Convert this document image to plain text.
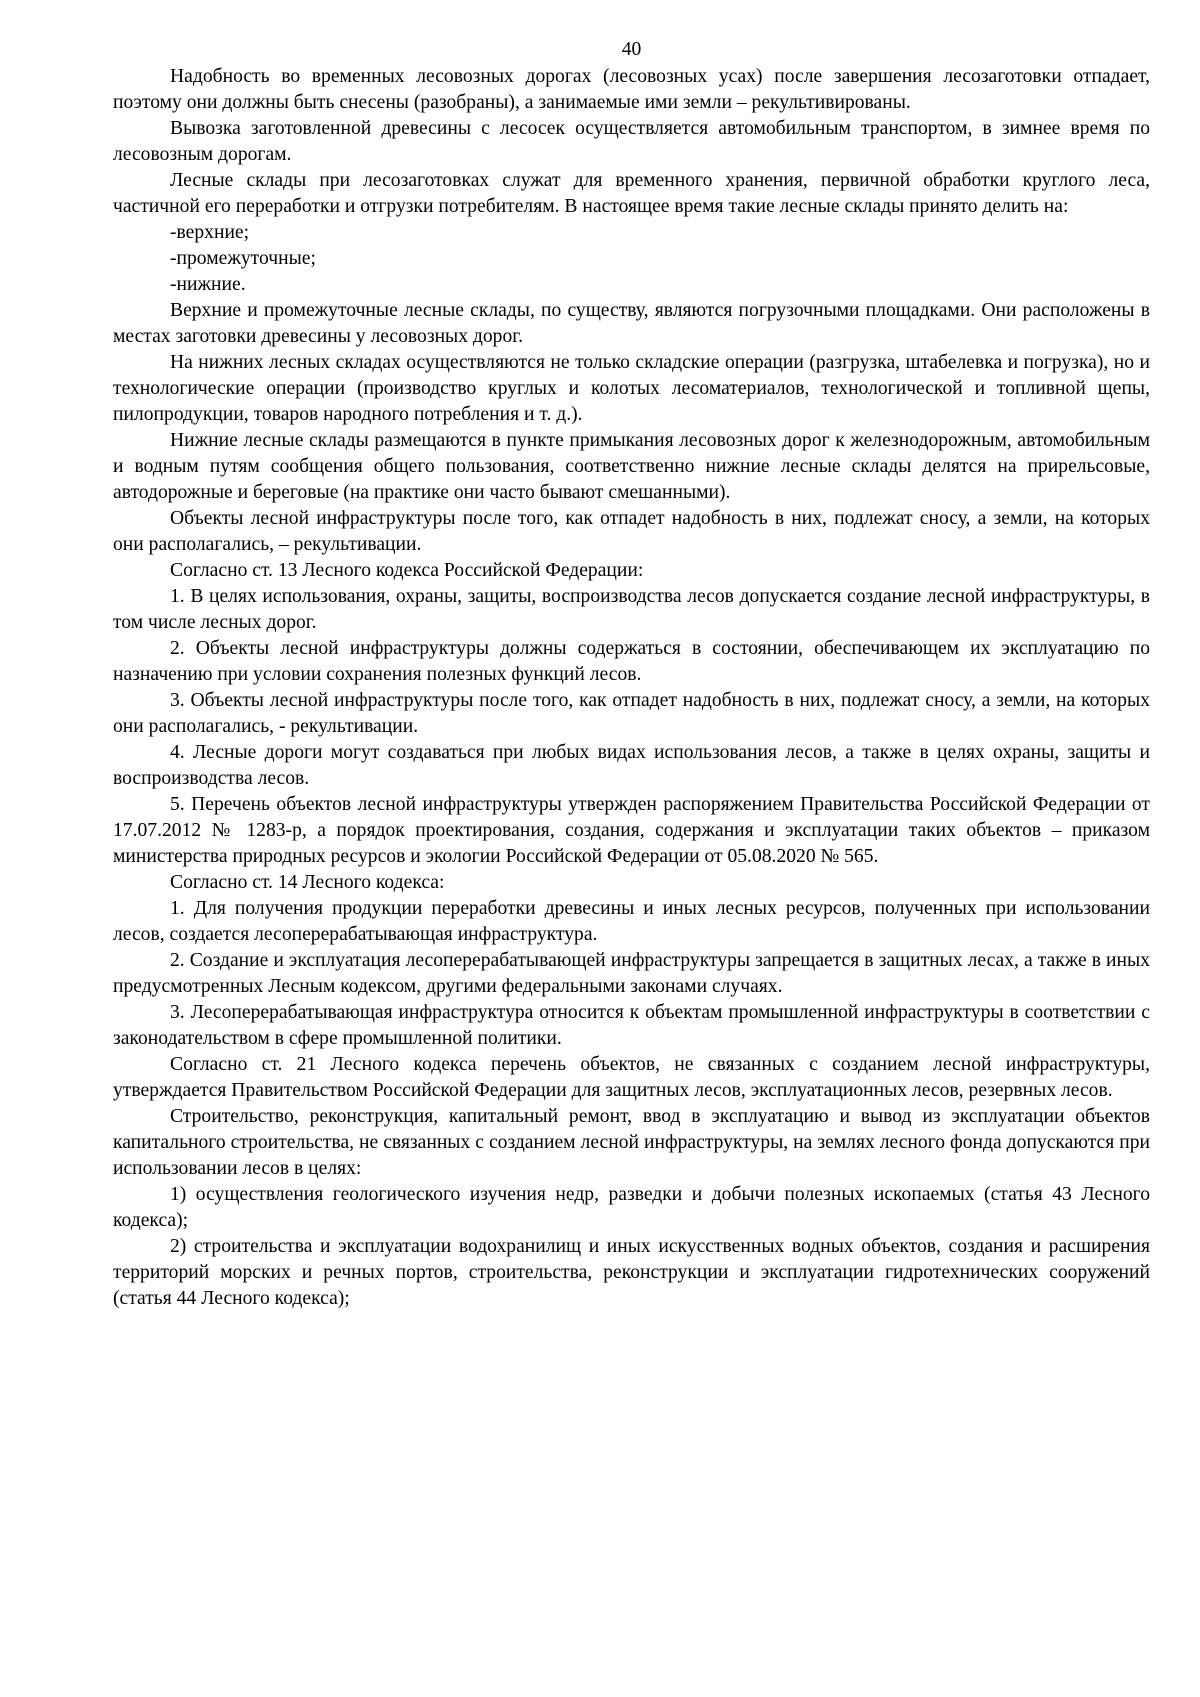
40

Надобность во временных лесовозных дорогах (лесовозных усах) после завершения лесозаготовки отпадает, поэтому они должны быть снесены (разобраны), а занимаемые ими земли – рекультивированы.

Вывозка заготовленной древесины с лесосек осуществляется автомобильным транспортом, в зимнее время по лесовозным дорогам.

Лесные склады при лесозаготовках служат для временного хранения, первичной обработки круглого леса, частичной его переработки и отгрузки потребителям. В настоящее время такие лесные склады принято делить на:

-верхние;

-промежуточные;

-нижние.

Верхние и промежуточные лесные склады, по существу, являются погрузочными площадками. Они расположены в местах заготовки древесины у лесовозных дорог.

На нижних лесных складах осуществляются не только складские операции (разгрузка, штабелевка и погрузка), но и технологические операции (производство круглых и колотых лесоматериалов, технологической и топливной щепы, пилопродукции, товаров народного потребления и т. д.).

Нижние лесные склады размещаются в пункте примыкания лесовозных дорог к железнодорожным, автомобильным и водным путям сообщения общего пользования, соответственно нижние лесные склады делятся на прирельсовые, автодорожные и береговые (на практике они часто бывают смешанными).

Объекты лесной инфраструктуры после того, как отпадет надобность в них, подлежат сносу, а земли, на которых они располагались, – рекультивации.

Согласно ст. 13 Лесного кодекса Российской Федерации:

1. В целях использования, охраны, защиты, воспроизводства лесов допускается создание лесной инфраструктуры, в том числе лесных дорог.

2. Объекты лесной инфраструктуры должны содержаться в состоянии, обеспечивающем их эксплуатацию по назначению при условии сохранения полезных функций лесов.

3. Объекты лесной инфраструктуры после того, как отпадет надобность в них, подлежат сносу, а земли, на которых они располагались, - рекультивации.

4. Лесные дороги могут создаваться при любых видах использования лесов, а также в целях охраны, защиты и воспроизводства лесов.

5. Перечень объектов лесной инфраструктуры утвержден распоряжением Правительства Российской Федерации от 17.07.2012 № 1283-р, а порядок проектирования, создания, содержания и эксплуатации таких объектов – приказом министерства природных ресурсов и экологии Российской Федерации от 05.08.2020 № 565.

Согласно ст. 14 Лесного кодекса:

1. Для получения продукции переработки древесины и иных лесных ресурсов, полученных при использовании лесов, создается лесоперерабатывающая инфраструктура.

2. Создание и эксплуатация лесоперерабатывающей инфраструктуры запрещается в защитных лесах, а также в иных предусмотренных Лесным кодексом, другими федеральными законами случаях.

3. Лесоперерабатывающая инфраструктура относится к объектам промышленной инфраструктуры в соответствии с законодательством в сфере промышленной политики.

Согласно ст. 21 Лесного кодекса перечень объектов, не связанных с созданием лесной инфраструктуры, утверждается Правительством Российской Федерации для защитных лесов, эксплуатационных лесов, резервных лесов.

Строительство, реконструкция, капитальный ремонт, ввод в эксплуатацию и вывод из эксплуатации объектов капитального строительства, не связанных с созданием лесной инфраструктуры, на землях лесного фонда допускаются при использовании лесов в целях:

1) осуществления геологического изучения недр, разведки и добычи полезных ископаемых (статья 43 Лесного кодекса);

2) строительства и эксплуатации водохранилищ и иных искусственных водных объектов, создания и расширения территорий морских и речных портов, строительства, реконструкции и эксплуатации гидротехнических сооружений (статья 44 Лесного кодекса);
